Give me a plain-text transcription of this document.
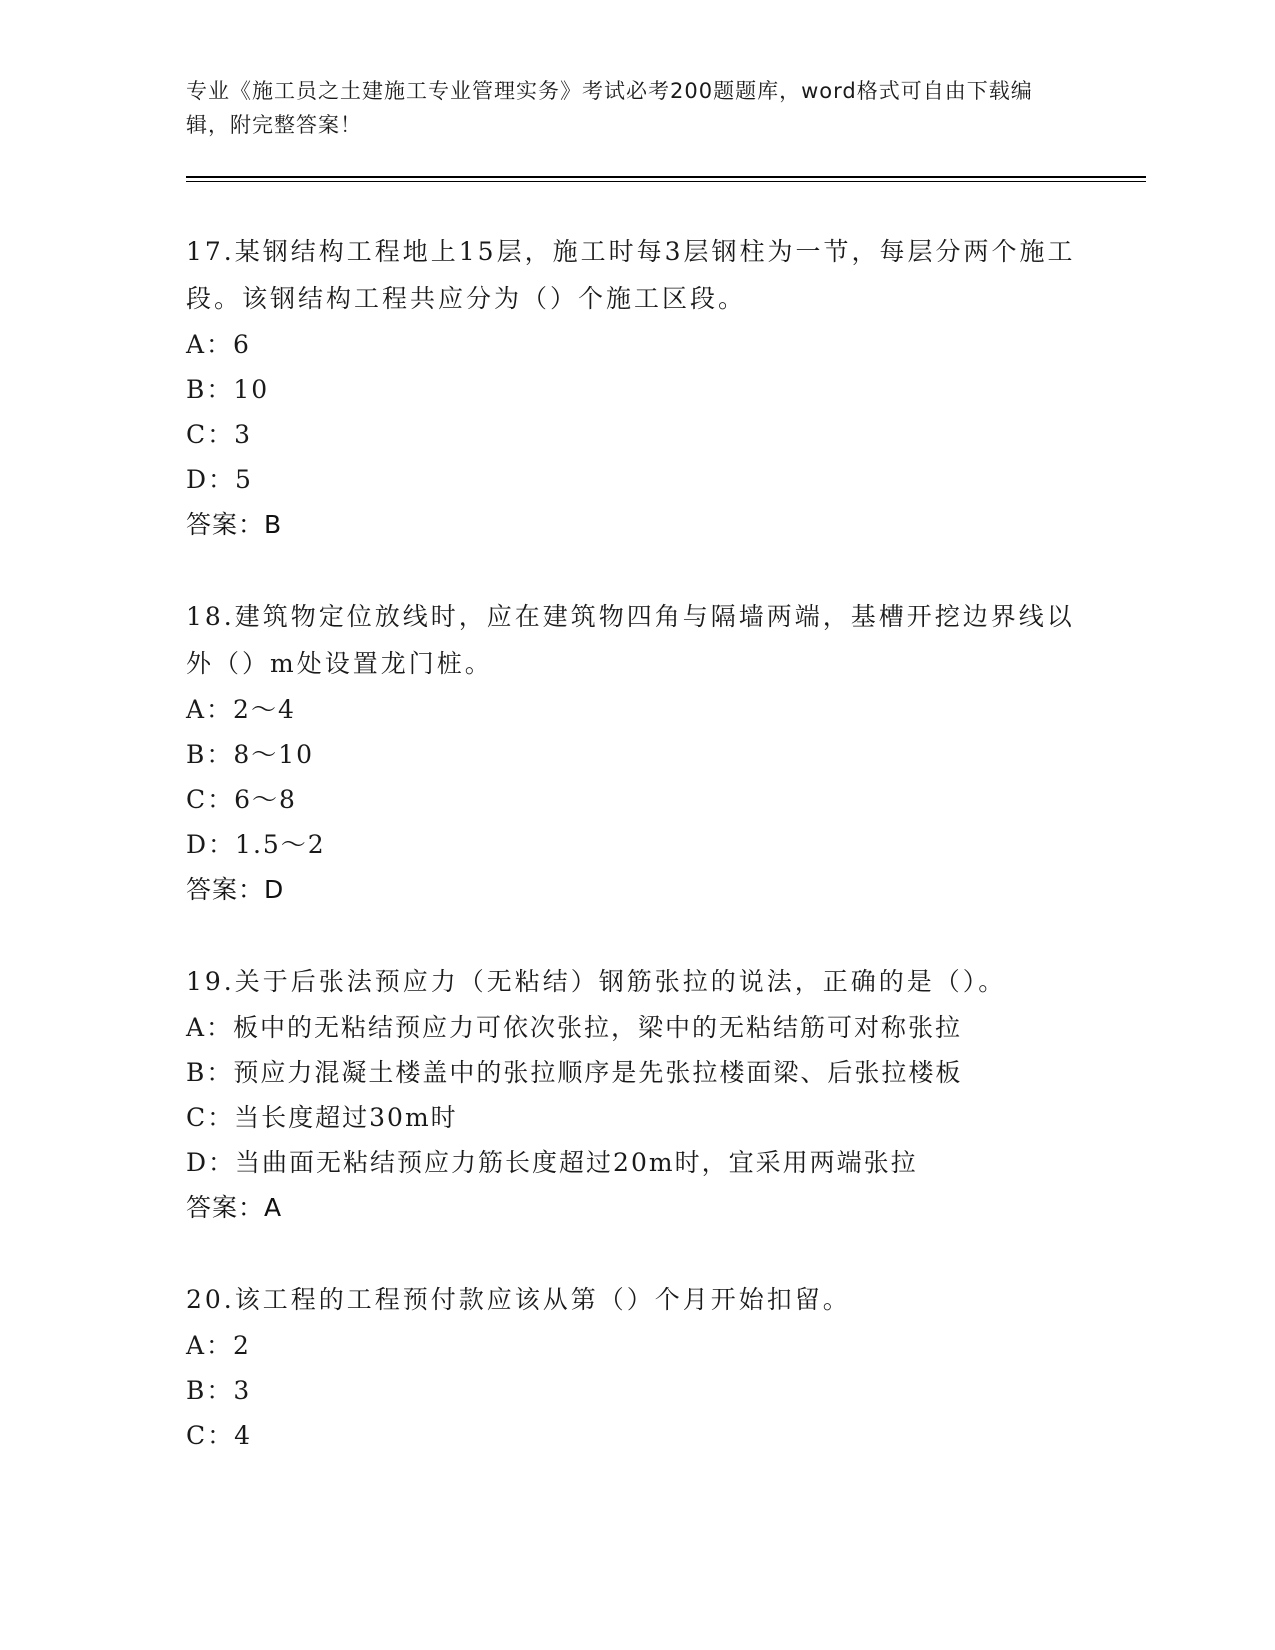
专业《施工员之土建施工专业管理实务》考试必考200题题库，word格式可自由下载编辑，附完整答案！
17.某钢结构工程地上15层，施工时每3层钢柱为一节，每层分两个施工段。该钢结构工程共应分为（）个施工区段。
A：6
B：10
C：3
D：5
答案：B
18.建筑物定位放线时，应在建筑物四角与隔墙两端，基槽开挖边界线以外（）m处设置龙门桩。
A：2～4
B：8～10
C：6～8
D：1.5～2
答案：D
19.关于后张法预应力（无粘结）钢筋张拉的说法，正确的是（）。
A：板中的无粘结预应力可依次张拉，梁中的无粘结筋可对称张拉
B：预应力混凝土楼盖中的张拉顺序是先张拉楼面梁、后张拉楼板
C：当长度超过30m时
D：当曲面无粘结预应力筋长度超过20m时，宜采用两端张拉
答案：A
20.该工程的工程预付款应该从第（）个月开始扣留。
A：2
B：3
C：4
